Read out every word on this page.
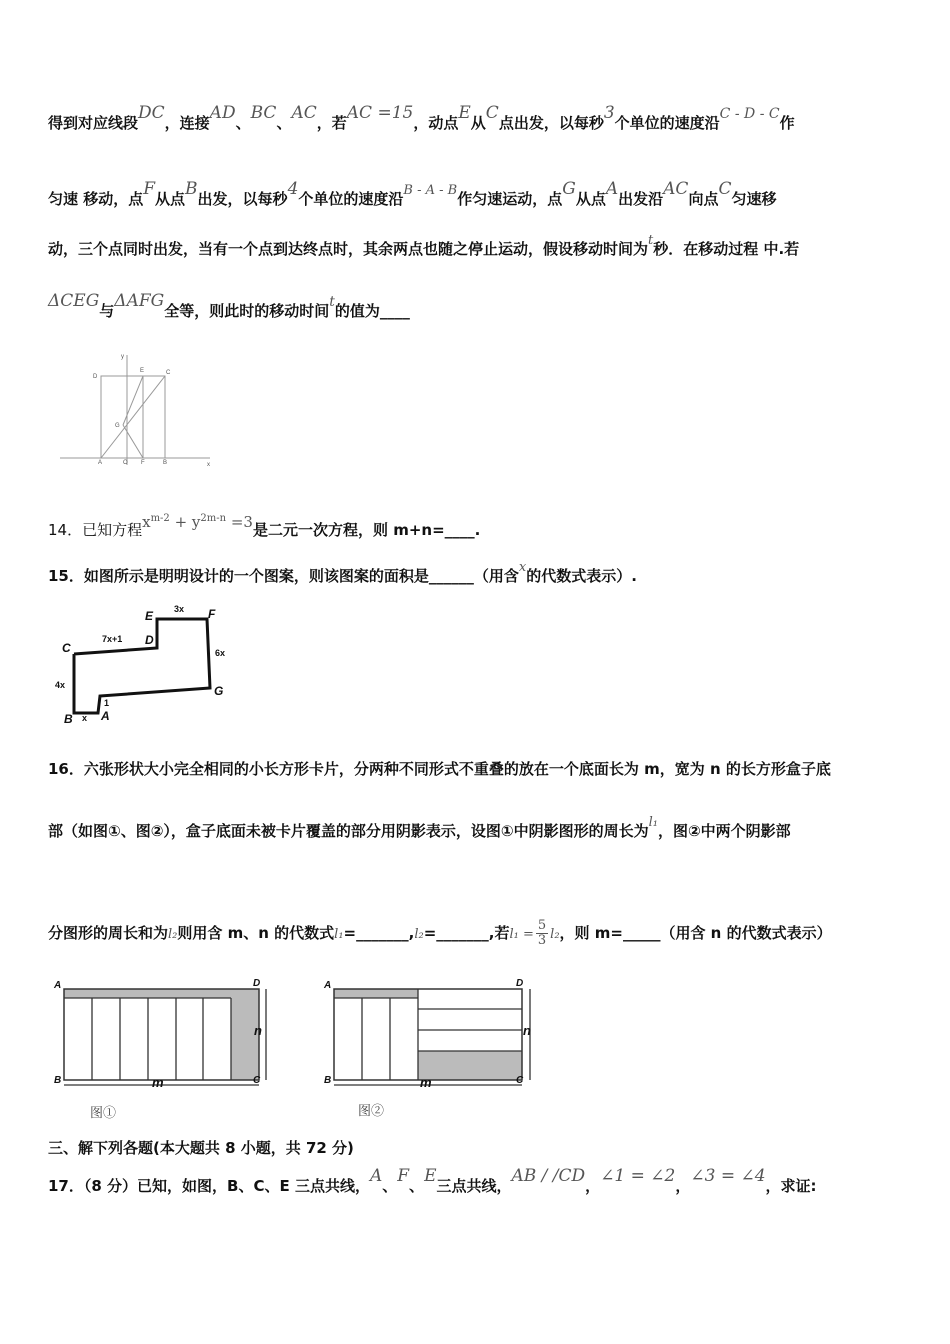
得到对应线段DC，连接AD、BC、AC，若AC =15，动点E从C点出发，以每秒3个单位的速度沿C - D - C作
匀速 移动，点F从点B出发，以每秒4个单位的速度沿B - A - B作匀速运动，点G从点A出发沿AC向点C匀速移
动，三个点同时出发，当有一个点到达终点时，其余两点也随之停止运动，假设移动时间为t秒．在移动过程 中.若
ΔCEG与ΔAFG全等，则此时的移动时间t的值为____
D
E	C
G
A	O F	B	x
y
14．已知方程$x^{m-2} + y^{2m-n} =3$是二元一次方程，则 m+n=____.
15．如图所示是明明设计的一个图案，则该图案的面积是______（用含x的代数式表示）.
E	F
D
C
G
B A
3x
7x+1
6x
4x
x
1
16．六张形状大小完全相同的小长方形卡片，分两种不同形式不重叠的放在一个底面长为 m，宽为 n 的长方形盒子底
部（如图①、图②），盒子底面未被卡片覆盖的部分用阴影表示，设图①中阴影图形的周长为l₁，图②中两个阴影部
分图形的周长和为l₂则用含 m、n 的代数式l₁=_______,l₂=_______,若$l_1 = \frac{5}{3} l_2$，则 m=_____（用含 n 的代数式表示）
A	D
B	C
m
n
图①
A	D
B	C
m
n
图②
三、解下列各题(本大题共 8 小题，共 72 分)
17．（8 分）已知，如图，B、C、E 三点共线，A、F、E三点共线，AB / /CD，∠1 = ∠2，∠3 = ∠4，求证:
